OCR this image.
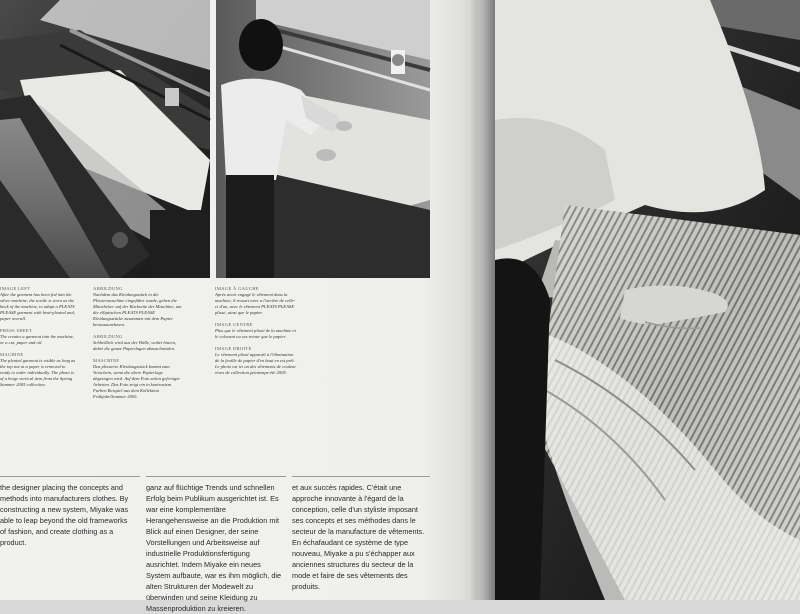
IMAGE LEFT
After the garment has been fed into the silver machine, the textile is worn as the back of the machine, to adapt a PLEATS PLEASE garment with heat-pleated and, paper overall.
PRESS SHEET
The creates a garment into the machine, or a cut, paper and oil.
MACHINE
The pleated garment is visible as long as the top not at a paper is removed to ready to order individually. The photo is of a beige vertical item from the Spring Summer 2005 collection.
ABBILDUNG
Nachdem das Kleidungsstück in die Plissiermaschine eingeführt wurde, gehen die Mitarbeiter auf der Rückseite der Maschine, um die elliptischen PLEATS PLEASE Kleidungsstücke zusammen mit dem Papier herauszunehmen.
ABBILDUNG
Schließlich wird aus der Hülle, wobei hinein, dabei die ganze Papierlagen abzuschneiden.
MASCHINE
Das plissierte Kleidungsstück kommt zum Vorschein, wenn die obere Papierlage abgezogen wird. Auf dem Foto sehen gefertigte Arbeiten. Das Foto zeigt ein in kontrastem Farben Beispiel aus dem Kollektion Frühjahr/Sommer 2005.
IMAGE À GAUCHE
Après avoir engagé le vêtement dans la machine, il ressort avec a l'arrière de celle-ci d'un, avec le vêtement PLEATS PLEASE plissé, ainsi que le papier.
IMAGE CENTRE
Plus que le vêtement plissé de la machine et le colorant ou ses retour que le papier.
IMAGE DROITE
Le vêtement plissé apparaît à l'élimination de la feuille de papier d'en haut en est prêt. Le photo est ici un des vêtements de couleur vives de collection printemps-été 2005.
the designer placing the concepts and methods into manufacturers clothes. By constructing a new system, Miyake was able to leap beyond the old frameworks of fashion, and create clothing as a product.
ganz auf flüchtige Trends und schnellen Erfolg beim Publikum ausgerichtet ist. Es war eine komplementäre Herangehensweise an die Produktion mit Blick auf einen Designer, der seine Vorstellungen und Arbeitsweise auf industrielle Produktionsfertigung ausrichtet. Indem Miyake ein neues System aufbaute, war es ihm möglich, die alten Strukturen der Modewelt zu überwinden und seine Kleidung zu Massenproduktion zu kreieren.
et aux succès rapides. C'était une approche innovante à l'égard de la conception, celle d'un styliste imposant ses concepts et ses méthodes dans le secteur de la manufacture de vêtements. En échafaudant ce système de type nouveau, Miyake a pu s'échapper aux anciennes structures du secteur de la mode et faire de ses vêtements des produits.
